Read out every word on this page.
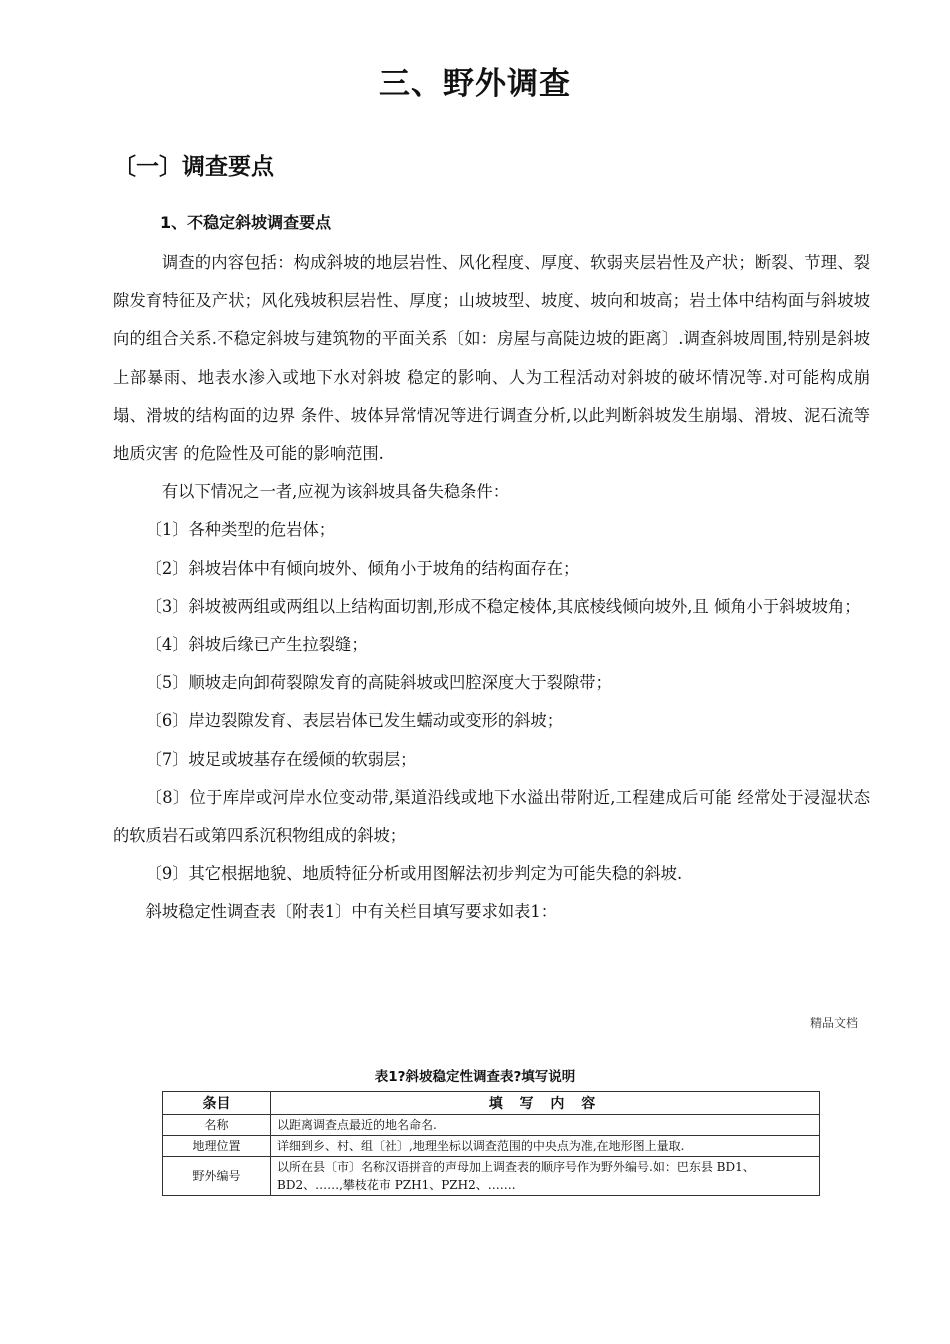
三、野外调查
〔一〕调查要点
1、不稳定斜坡调查要点

调查的内容包括：构成斜坡的地层岩性、风化程度、厚度、软弱夹层岩性及产状；断裂、节理、裂隙发育特征及产状；风化残坡积层岩性、厚度；山坡坡型、坡度、坡向和坡高；岩土体中结构面与斜坡坡向的组合关系.不稳定斜坡与建筑物的平面关系〔如：房屋与高陡边坡的距离〕.调查斜坡周围,特别是斜坡上部暴雨、地表水渗入或地下水对斜坡 稳定的影响、人为工程活动对斜坡的破坏情况等.对可能构成崩塌、滑坡的结构面的边界 条件、坡体异常情况等进行调查分析,以此判断斜坡发生崩塌、滑坡、泥石流等地质灾害 的危险性及可能的影响范围.

有以下情况之一者,应视为该斜坡具备失稳条件：

〔1〕各种类型的危岩体；

〔2〕斜坡岩体中有倾向坡外、倾角小于坡角的结构面存在；

〔3〕斜坡被两组或两组以上结构面切割,形成不稳定棱体,其底棱线倾向坡外,且 倾角小于斜坡坡角；

〔4〕斜坡后缘已产生拉裂缝；

〔5〕顺坡走向卸荷裂隙发育的高陡斜坡或凹腔深度大于裂隙带；

〔6〕岸边裂隙发育、表层岩体已发生蠕动或变形的斜坡；

〔7〕坡足或坡基存在缓倾的软弱层；

〔8〕位于库岸或河岸水位变动带,渠道沿线或地下水溢出带附近,工程建成后可能 经常处于浸湿状态的软质岩石或第四系沉积物组成的斜坡；

〔9〕其它根据地貌、地质特征分析或用图解法初步判定为可能失稳的斜坡.

斜坡稳定性调查表〔附表1〕中有关栏目填写要求如表1：

精品文档
表1?斜坡稳定性调查表?填写说明
条目	填 写 内 容
名称	以距离调查点最近的地名命名.
地理位置	详细到乡、村、组〔社〕,地理坐标以调查范围的中央点为准,在地形图上量取.
野外编号	以所在县〔市〕名称汉语拼音的声母加上调查表的顺序号作为野外编号.如：巴东县 BD1、BD2、……,攀枝花市 PZH1、PZH2、…….
